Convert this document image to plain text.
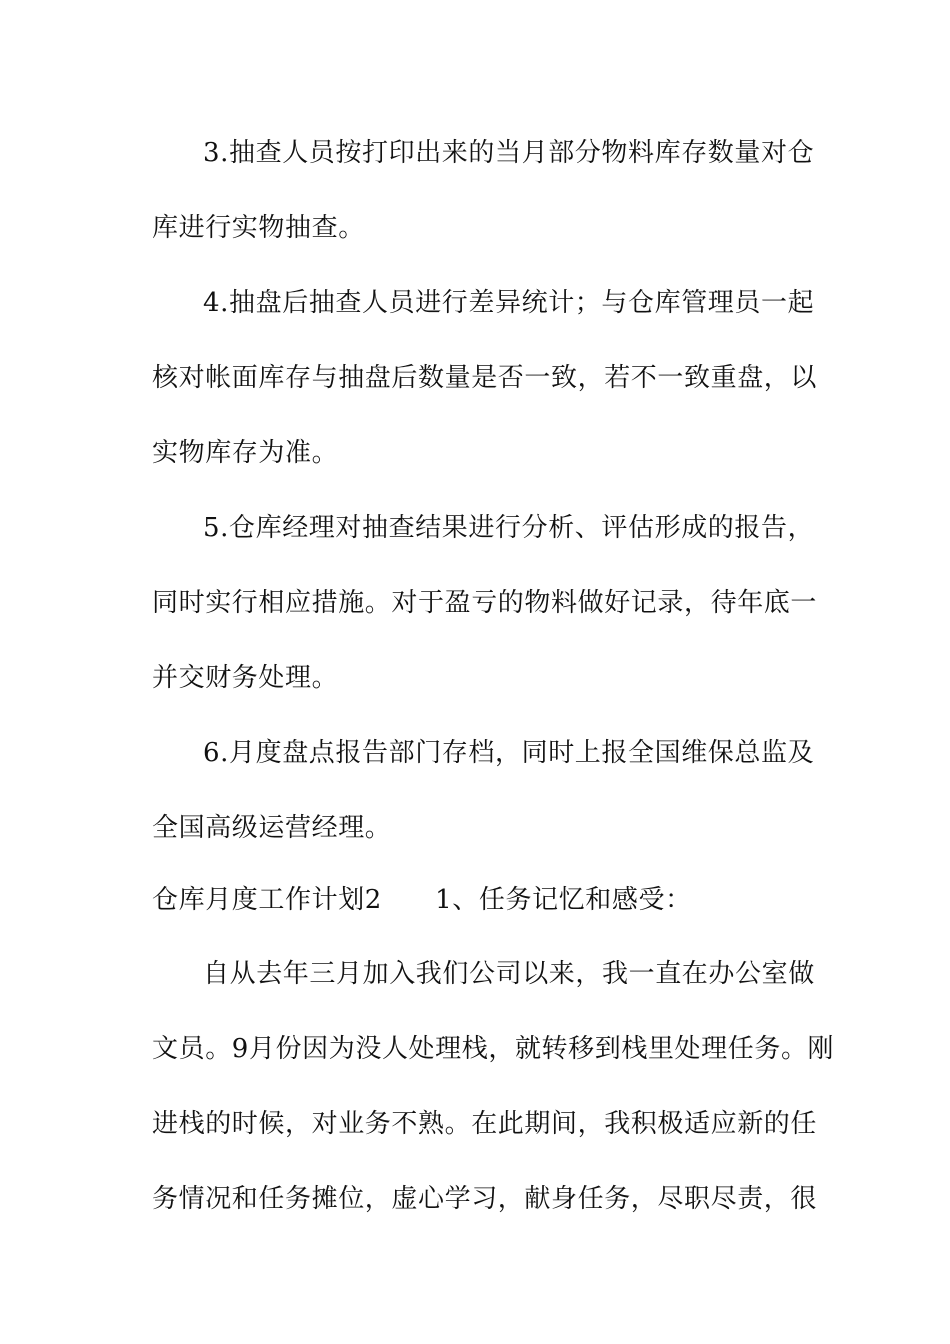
3.抽查人员按打印出来的当月部分物料库存数量对仓
库进行实物抽查。
4.抽盘后抽查人员进行差异统计；与仓库管理员一起
核对帐面库存与抽盘后数量是否一致，若不一致重盘，以
实物库存为准。
5.仓库经理对抽查结果进行分析、评估形成的报告，
同时实行相应措施。对于盈亏的物料做好记录，待年底一
并交财务处理。
6.月度盘点报告部门存档，同时上报全国维保总监及
全国高级运营经理。
仓库月度工作计划2　　1、任务记忆和感受：
自从去年三月加入我们公司以来，我一直在办公室做
文员。9月份因为没人处理栈，就转移到栈里处理任务。刚
进栈的时候，对业务不熟。在此期间，我积极适应新的任
务情况和任务摊位，虚心学习，献身任务，尽职尽责，很
